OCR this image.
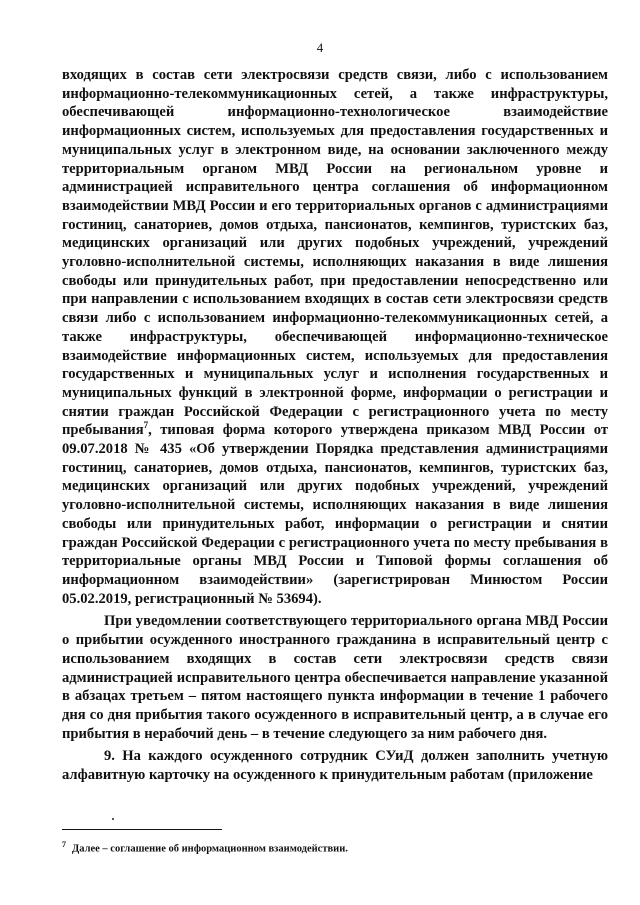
4

входящих в состав сети электросвязи средств связи, либо с использованием информационно-телекоммуникационных сетей, а также инфраструктуры, обеспечивающей информационно-технологическое взаимодействие информационных систем, используемых для предоставления государственных и муниципальных услуг в электронном виде, на основании заключенного между территориальным органом МВД России на региональном уровне и администрацией исправительного центра соглашения об информационном взаимодействии МВД России и его территориальных органов с администрациями гостиниц, санаториев, домов отдыха, пансионатов, кемпингов, туристских баз, медицинских организаций или других подобных учреждений, учреждений уголовно-исполнительной системы, исполняющих наказания в виде лишения свободы или принудительных работ, при предоставлении непосредственно или при направлении с использованием входящих в состав сети электросвязи средств связи либо с использованием информационно-телекоммуникационных сетей, а также инфраструктуры, обеспечивающей информационно-техническое взаимодействие информационных систем, используемых для предоставления государственных и муниципальных услуг и исполнения государственных и муниципальных функций в электронной форме, информации о регистрации и снятии граждан Российской Федерации с регистрационного учета по месту пребывания$^7$, типовая форма которого утверждена приказом МВД России от 09.07.2018 № 435 «Об утверждении Порядка представления администрациями гостиниц, санаториев, домов отдыха, пансионатов, кемпингов, туристских баз, медицинских организаций или других подобных учреждений, учреждений уголовно-исполнительной системы, исполняющих наказания в виде лишения свободы или принудительных работ, информации о регистрации и снятии граждан Российской Федерации с регистрационного учета по месту пребывания в территориальные органы МВД России и Типовой формы соглашения об информационном взаимодействии» (зарегистрирован Минюстом России 05.02.2019, регистрационный № 53694).

При уведомлении соответствующего территориального органа МВД России о прибытии осужденного иностранного гражданина в исправительный центр с использованием входящих в состав сети электросвязи средств связи администрацией исправительного центра обеспечивается направление указанной в абзацах третьем – пятом настоящего пункта информации в течение 1 рабочего дня со дня прибытия такого осужденного в исправительный центр, а в случае его прибытия в нерабочий день – в течение следующего за ним рабочего дня.

9. На каждого осужденного сотрудник СУиД должен заполнить учетную алфавитную карточку на осужденного к принудительным работам (приложение

$^7$ Далее – соглашение об информационном взаимодействии.
